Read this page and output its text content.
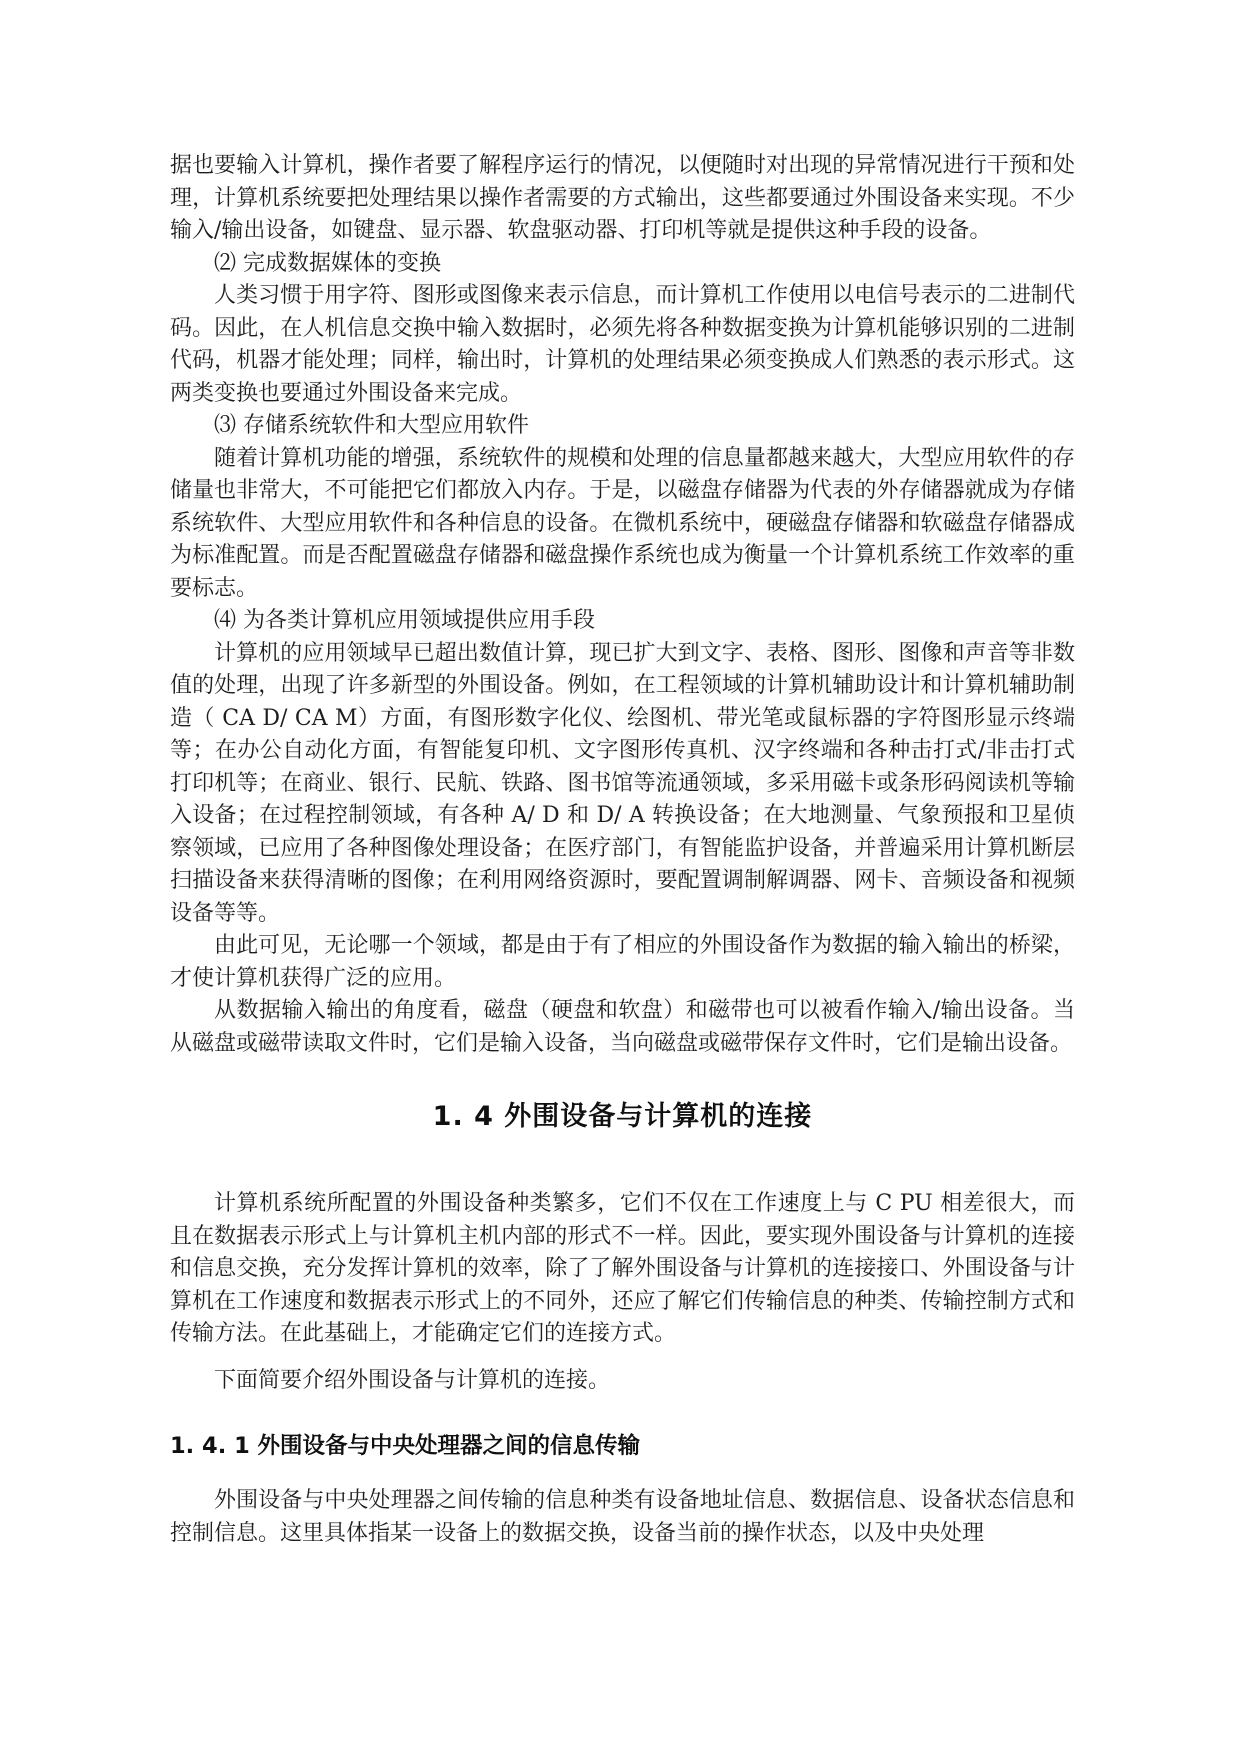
据也要输入计算机，操作者要了解程序运行的情况，以便随时对出现的异常情况进行干预和处理，计算机系统要把处理结果以操作者需要的方式输出，这些都要通过外围设备来实现。不少输入/输出设备，如键盘、显示器、软盘驱动器、打印机等就是提供这种手段的设备。

⑵ 完成数据媒体的变换

人类习惯于用字符、图形或图像来表示信息，而计算机工作使用以电信号表示的二进制代码。因此，在人机信息交换中输入数据时，必须先将各种数据变换为计算机能够识别的二进制代码，机器才能处理；同样，输出时，计算机的处理结果必须变换成人们熟悉的表示形式。这两类变换也要通过外围设备来完成。

⑶ 存储系统软件和大型应用软件

随着计算机功能的增强，系统软件的规模和处理的信息量都越来越大，大型应用软件的存储量也非常大，不可能把它们都放入内存。于是，以磁盘存储器为代表的外存储器就成为存储系统软件、大型应用软件和各种信息的设备。在微机系统中，硬磁盘存储器和软磁盘存储器成为标准配置。而是否配置磁盘存储器和磁盘操作系统也成为衡量一个计算机系统工作效率的重要标志。

⑷ 为各类计算机应用领域提供应用手段

计算机的应用领域早已超出数值计算，现已扩大到文字、表格、图形、图像和声音等非数值的处理，出现了许多新型的外围设备。例如，在工程领域的计算机辅助设计和计算机辅助制造（ CA D/ CA M）方面，有图形数字化仪、绘图机、带光笔或鼠标器的字符图形显示终端等；在办公自动化方面，有智能复印机、文字图形传真机、汉字终端和各种击打式/非击打式打印机等；在商业、银行、民航、铁路、图书馆等流通领域，多采用磁卡或条形码阅读机等输入设备；在过程控制领域，有各种 A/ D 和 D/ A 转换设备；在大地测量、气象预报和卫星侦察领域，已应用了各种图像处理设备；在医疗部门，有智能监护设备，并普遍采用计算机断层扫描设备来获得清晰的图像；在利用网络资源时，要配置调制解调器、网卡、音频设备和视频设备等等。

由此可见，无论哪一个领域，都是由于有了相应的外围设备作为数据的输入输出的桥梁，才使计算机获得广泛的应用。

从数据输入输出的角度看，磁盘（硬盘和软盘）和磁带也可以被看作输入/输出设备。当从磁盘或磁带读取文件时，它们是输入设备，当向磁盘或磁带保存文件时，它们是输出设备。

1. 4 外围设备与计算机的连接

计算机系统所配置的外围设备种类繁多，它们不仅在工作速度上与 C PU 相差很大，而且在数据表示形式上与计算机主机内部的形式不一样。因此，要实现外围设备与计算机的连接和信息交换，充分发挥计算机的效率，除了了解外围设备与计算机的连接接口、外围设备与计算机在工作速度和数据表示形式上的不同外，还应了解它们传输信息的种类、传输控制方式和传输方法。在此基础上，才能确定它们的连接方式。

下面简要介绍外围设备与计算机的连接。

1. 4. 1 外围设备与中央处理器之间的信息传输

外围设备与中央处理器之间传输的信息种类有设备地址信息、数据信息、设备状态信息和控制信息。这里具体指某一设备上的数据交换，设备当前的操作状态，以及中央处理
